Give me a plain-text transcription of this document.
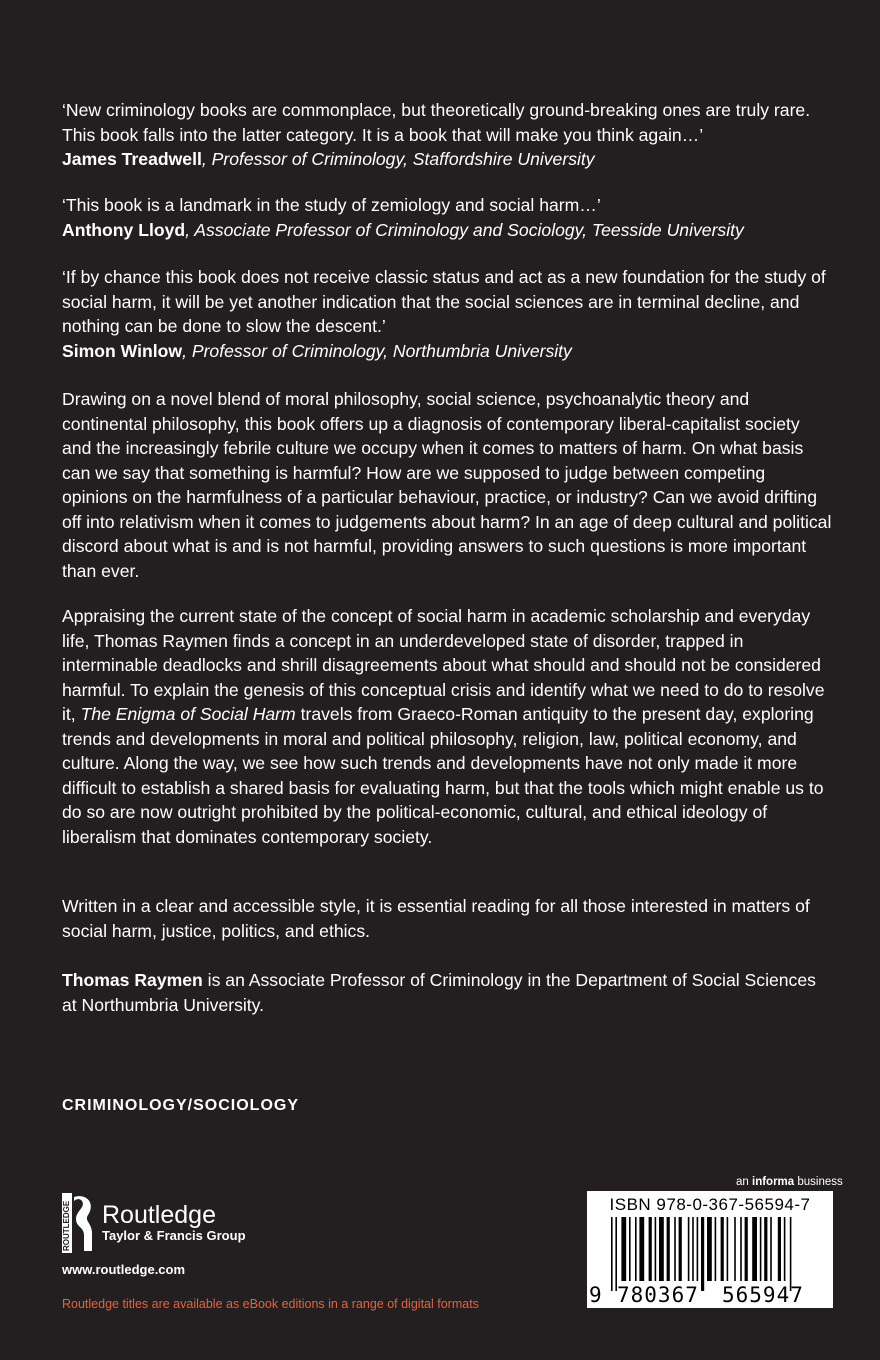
‘New criminology books are commonplace, but theoretically ground-breaking ones are truly rare. This book falls into the latter category. It is a book that will make you think again…’

James Treadwell, Professor of Criminology, Staffordshire University

‘This book is a landmark in the study of zemiology and social harm…’

Anthony Lloyd, Associate Professor of Criminology and Sociology, Teesside University

‘If by chance this book does not receive classic status and act as a new foundation for the study of social harm, it will be yet another indication that the social sciences are in terminal decline, and nothing can be done to slow the descent.’

Simon Winlow, Professor of Criminology, Northumbria University

Drawing on a novel blend of moral philosophy, social science, psychoanalytic theory and continental philosophy, this book offers up a diagnosis of contemporary liberal-capitalist society and the increasingly febrile culture we occupy when it comes to matters of harm. On what basis can we say that something is harmful? How are we supposed to judge between competing opinions on the harmfulness of a particular behaviour, practice, or industry? Can we avoid drifting off into relativism when it comes to judgements about harm? In an age of deep cultural and political discord about what is and is not harmful, providing answers to such questions is more important than ever.

Appraising the current state of the concept of social harm in academic scholarship and everyday life, Thomas Raymen finds a concept in an underdeveloped state of disorder, trapped in interminable deadlocks and shrill disagreements about what should and should not be considered harmful. To explain the genesis of this conceptual crisis and identify what we need to do to resolve it, The Enigma of Social Harm travels from Graeco-Roman antiquity to the present day, exploring trends and developments in moral and political philosophy, religion, law, political economy, and culture. Along the way, we see how such trends and developments have not only made it more difficult to establish a shared basis for evaluating harm, but that the tools which might enable us to do so are now outright prohibited by the political-economic, cultural, and ethical ideology of liberalism that dominates contemporary society.

Written in a clear and accessible style, it is essential reading for all those interested in matters of social harm, justice, politics, and ethics.

Thomas Raymen is an Associate Professor of Criminology in the Department of Social Sciences at Northumbria University.

CRIMINOLOGY/SOCIOLOGY
ROUTLEDGE Routledge
Taylor & Francis Group
www.routledge.com
Routledge titles are available as eBook editions in a range of digital formats
an informa business
ISBN 978-0-367-56594-7
9 780367 565947
